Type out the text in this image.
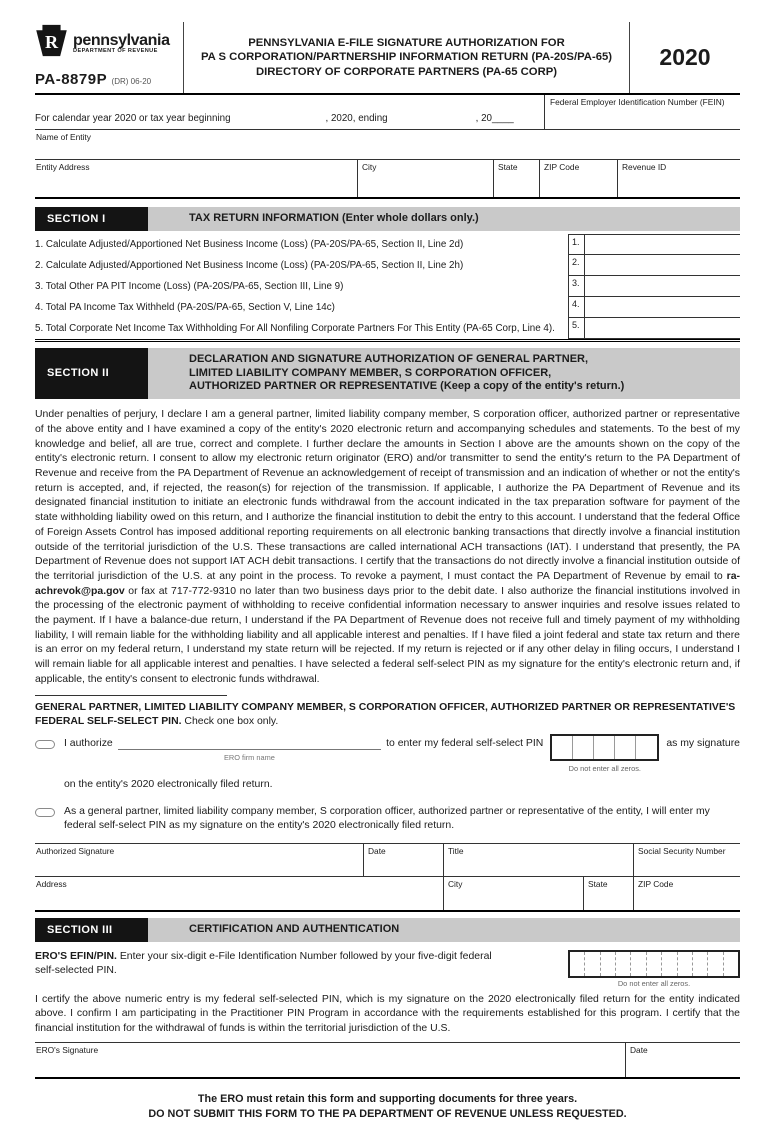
R pennsylvania
DEPARTMENT OF REVENUE
PA-8879P (DR) 06-20
PENNSYLVANIA E-FILE SIGNATURE AUTHORIZATION FOR
PA S CORPORATION/PARTNERSHIP INFORMATION RETURN (PA-20S/PA-65)
DIRECTORY OF CORPORATE PARTNERS (PA-65 CORP)
2020
For calendar year 2020 or tax year beginning	, 2020, ending	, 20____
Federal Employer Identification Number (FEIN)
Name of Entity
Entity Address	City	State	ZIP Code	Revenue ID
SECTION I	TAX RETURN INFORMATION (Enter whole dollars only.)
1. Calculate Adjusted/Apportioned Net Business Income (Loss) (PA-20S/PA-65, Section II, Line 2d)	1.
2. Calculate Adjusted/Apportioned Net Business Income (Loss) (PA-20S/PA-65, Section II, Line 2h)	2.
3. Total Other PA PIT Income (Loss) (PA-20S/PA-65, Section III, Line 9)	3.
4. Total PA Income Tax Withheld (PA-20S/PA-65, Section V, Line 14c)	4.
5. Total Corporate Net Income Tax Withholding For All Nonfiling Corporate Partners For This Entity (PA-65 Corp, Line 4).	5.
SECTION II
DECLARATION AND SIGNATURE AUTHORIZATION OF GENERAL PARTNER,
LIMITED LIABILITY COMPANY MEMBER, S CORPORATION OFFICER,
AUTHORIZED PARTNER OR REPRESENTATIVE (Keep a copy of the entity's return.)

Under penalties of perjury, I declare I am a general partner, limited liability company member, S corporation officer, authorized partner or representative of the above entity and I have examined a copy of the entity's 2020 electronic return and accompanying schedules and statements. To the best of my knowledge and belief, all are true, correct and complete. I further declare the amounts in Section I above are the amounts shown on the copy of the entity's electronic return. I consent to allow my electronic return originator (ERO) and/or transmitter to send the entity's return to the PA Department of Revenue and receive from the PA Department of Revenue an acknowledgement of receipt of transmission and an indication of whether or not the entity's return is accepted, and, if rejected, the reason(s) for rejection of the transmission. If applicable, I authorize the PA Department of Revenue and its designated financial institution to initiate an electronic funds withdrawal from the account indicated in the tax preparation software for payment of the state withholding liability owed on this return, and I authorize the financial institution to debit the entry to this account. I understand that the federal Office of Foreign Assets Control has imposed additional reporting requirements on all electronic banking transactions that directly involve a financial institution outside of the territorial jurisdiction of the U.S. These transactions are called international ACH transactions (IAT). I understand that presently, the PA Department of Revenue does not support IAT ACH debit transactions. I certify that the transactions do not directly involve a financial institution outside of the territorial jurisdiction of the U.S. at any point in the process. To revoke a payment, I must contact the PA Department of Revenue by email to ra-achrevok@pa.gov or fax at 717-772-9310 no later than two business days prior to the debit date. I also authorize the financial institutions involved in the processing of the electronic payment of withholding to receive confidential information necessary to answer inquiries and resolve issues related to the payment. If I have a balance-due return, I understand if the PA Department of Revenue does not receive full and timely payment of my withholding liability, I will remain liable for the withholding liability and all applicable interest and penalties. If I have filed a joint federal and state tax return and there is an error on my federal return, I understand my state return will be rejected. If my return is rejected or if any other delay in filing occurs, I understand I will remain liable for all applicable interest and penalties. I have selected a federal self-select PIN as my signature for the entity's electronic return and, if applicable, the entity's consent to electronic funds withdrawal.

GENERAL PARTNER, LIMITED LIABILITY COMPANY MEMBER, S CORPORATION OFFICER, AUTHORIZED PARTNER OR REPRESENTATIVE'S FEDERAL SELF-SELECT PIN. Check one box only.
I authorize
ERO firm name
to enter my federal self-select PIN
Do not enter all zeros.
as my signature
on the entity's 2020 electronically filed return.
As a general partner, limited liability company member, S corporation officer, authorized partner or representative of the entity, I will enter my federal self-select PIN as my signature on the entity's 2020 electronically filed return.
Authorized Signature	Date	Title	Social Security Number
Address	City	State	ZIP Code
SECTION III	CERTIFICATION AND AUTHENTICATION
ERO'S EFIN/PIN. Enter your six-digit e-File Identification Number followed by your five-digit federal self-selected PIN.
Do not enter all zeros.

I certify the above numeric entry is my federal self-selected PIN, which is my signature on the 2020 electronically filed return for the entity indicated above. I confirm I am participating in the Practitioner PIN Program in accordance with the requirements established for this program. I certify that the financial institution for the withdrawal of funds is within the territorial jurisdiction of the U.S.

ERO's Signature	Date
The ERO must retain this form and supporting documents for three years.
DO NOT SUBMIT THIS FORM TO THE PA DEPARTMENT OF REVENUE UNLESS REQUESTED.
